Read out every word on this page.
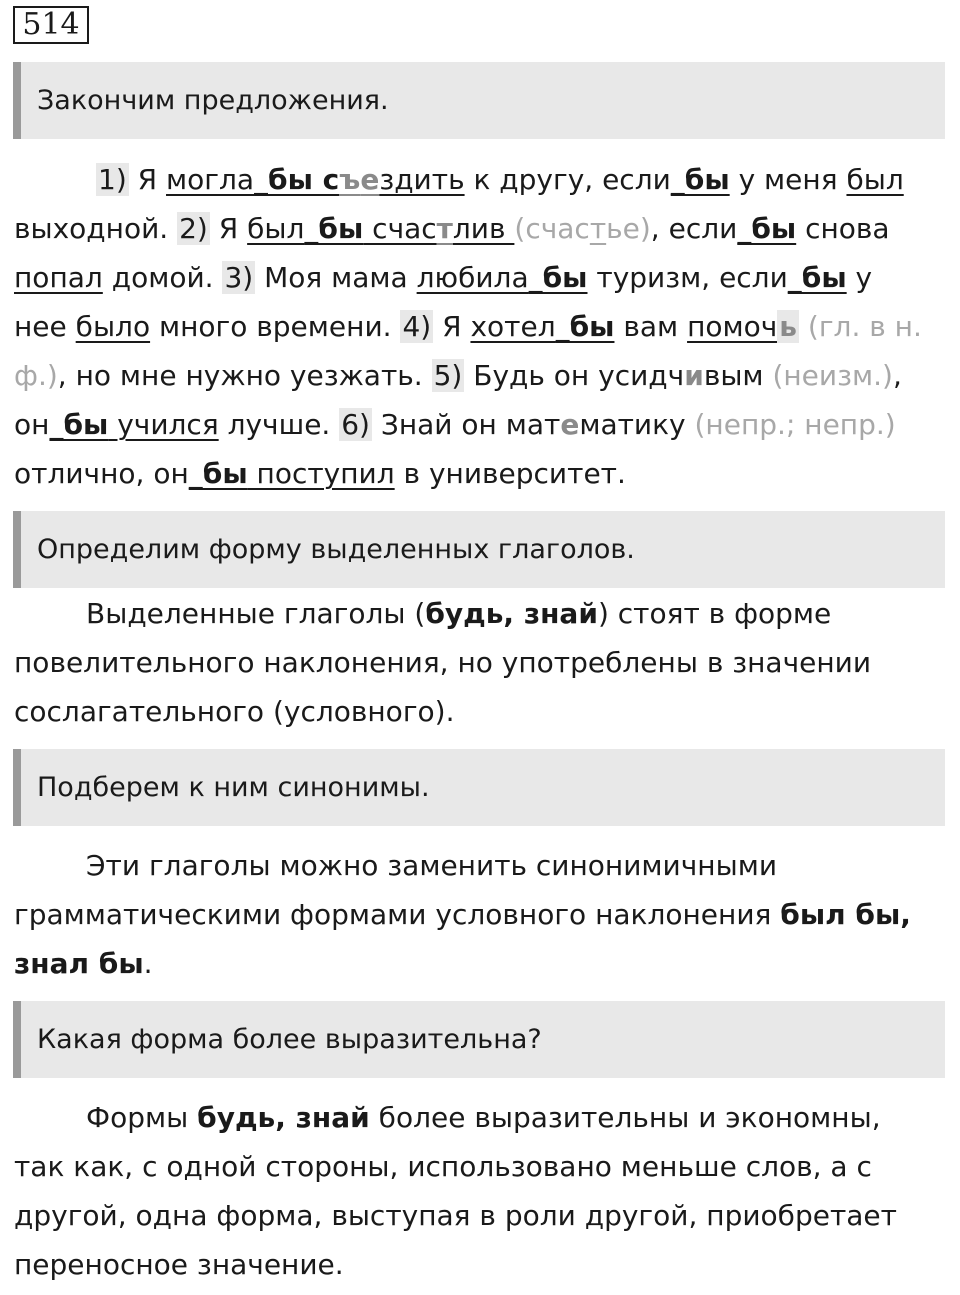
514
Закончим предложения.
1) Я могла_бы съездить к другу, если_бы у меня был
выходной. 2) Я был_бы счастлив (счастье), если_бы снова
попал домой. 3) Моя мама любила_бы туризм, если_бы у
нее было много времени. 4) Я хотел_бы вам помочь (гл. в н.
ф.), но мне нужно уезжать. 5) Будь он усидчивым (неизм.),
он_бы учился лучше. 6) Знай он математику (непр.; непр.)
отлично, он_бы поступил в университет.
Определим форму выделенных глаголов.
Выделенные глаголы (будь, знай) стоят в форме
повелительного наклонения, но употреблены в значении
сослагательного (условного).
Подберем к ним синонимы.
Эти глаголы можно заменить синонимичными
грамматическими формами условного наклонения был бы,
знал бы.
Какая форма более выразительна?
Формы будь, знай более выразительны и экономны,
так как, с одной стороны, использовано меньше слов, а с
другой, одна форма, выступая в роли другой, приобретает
переносное значение.
